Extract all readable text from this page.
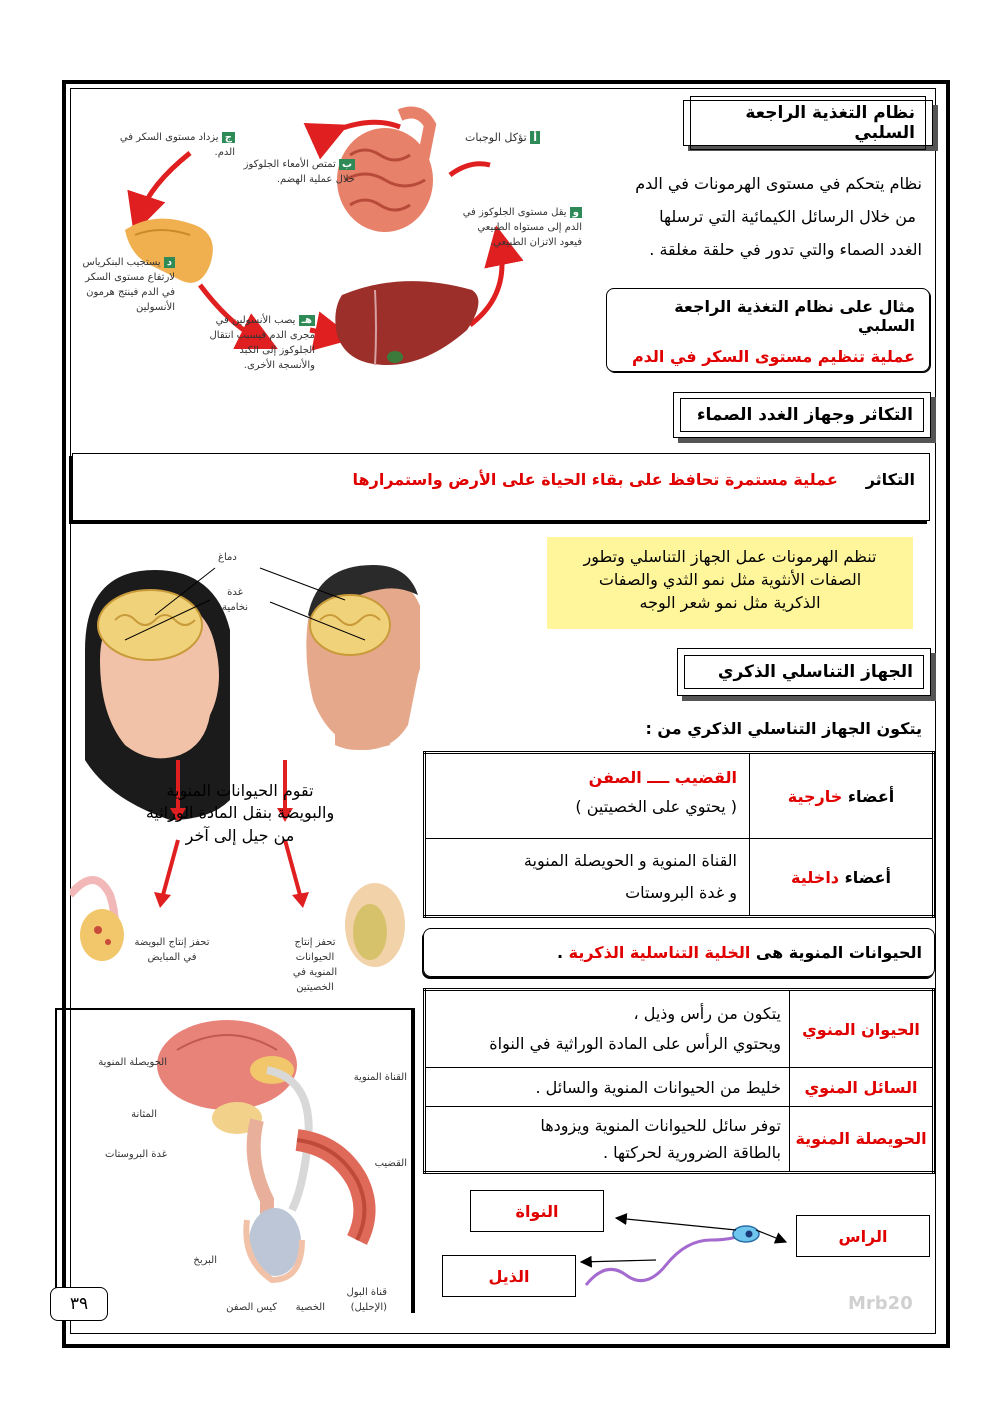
نظام التغذية الراجعة السلبي
نظام يتحكم في مستوى الهرمونات في الدم
من خلال الرسائل الكيمائية التي ترسلها
الغدد الصماء والتي تدور في حلقة مغلقة .
مثال على نظام التغذية الراجعة السلبي
عملية تنظيم مستوى السكر في الدم
أ تؤكل الوجبات
ب تمتص الأمعاء الجلوكوز
خلال عملية الهضم.
ج يزداد مستوى السكر في
الدم.
د يستجيب البنكرياس
لارتفاع مستوى السكر
في الدم فينتج هرمون
الأنسولين
هـ يصب الأنسولين في
مجرى الدم فيسبب انتقال
الجلوكوز إلى الكبد
والأنسجة الأخرى.
و يقل مستوى الجلوكوز في
الدم إلى مستواه الطبيعي
فيعود الاتزان الطبيعي.
التكاثر وجهاز الغدد الصماء
التكاثر     عملية مستمرة تحافظ على بقاء الحياة على الأرض واستمرارها
تنظم الهرمونات عمل الجهاز التناسلي وتطور
الصفات الأنثوية مثل نمو الثدي والصفات
الذكرية مثل نمو شعر الوجه
دماغ
غدة
نخامية
تقوم الحيوانات المنوية
والبويضة بنقل المادة الوراثية
من جيل إلى آخر
تحفز إنتاج البويضة
في المبايض
تحفز إنتاج الحيوانات
المنوية في الخصيتين
الجهاز التناسلي الذكري
يتكون الجهاز التناسلي الذكري من :
أعضاء خارجية	القضيب ــــ الصفن
( يحتوي على الخصيتين )

أعضاء داخلية	القناة المنوية و الحويصلة المنوية
و غدة البروستات
الحيوانات المنوية هى الخلية التناسلية الذكرية .
الحيوان المنوي	يتكون من رأس وذيل ،
ويحتوي الرأس على المادة الوراثية في النواة

السائل المنوي	خليط من الحيوانات المنوية والسائل .
الحويصلة المنوية	توفر سائل للحيوانات المنوية ويزودها
بالطاقة الضرورية لحركتها .
النواة
الراس
الذيل
الحويصلة المنوية
المثانة
غدة البروستات
القناة المنوية
القضيب
البربخ
كيس الصفن	الخصية
قناة البول
(الإحليل)
٣٩	Mrb20
